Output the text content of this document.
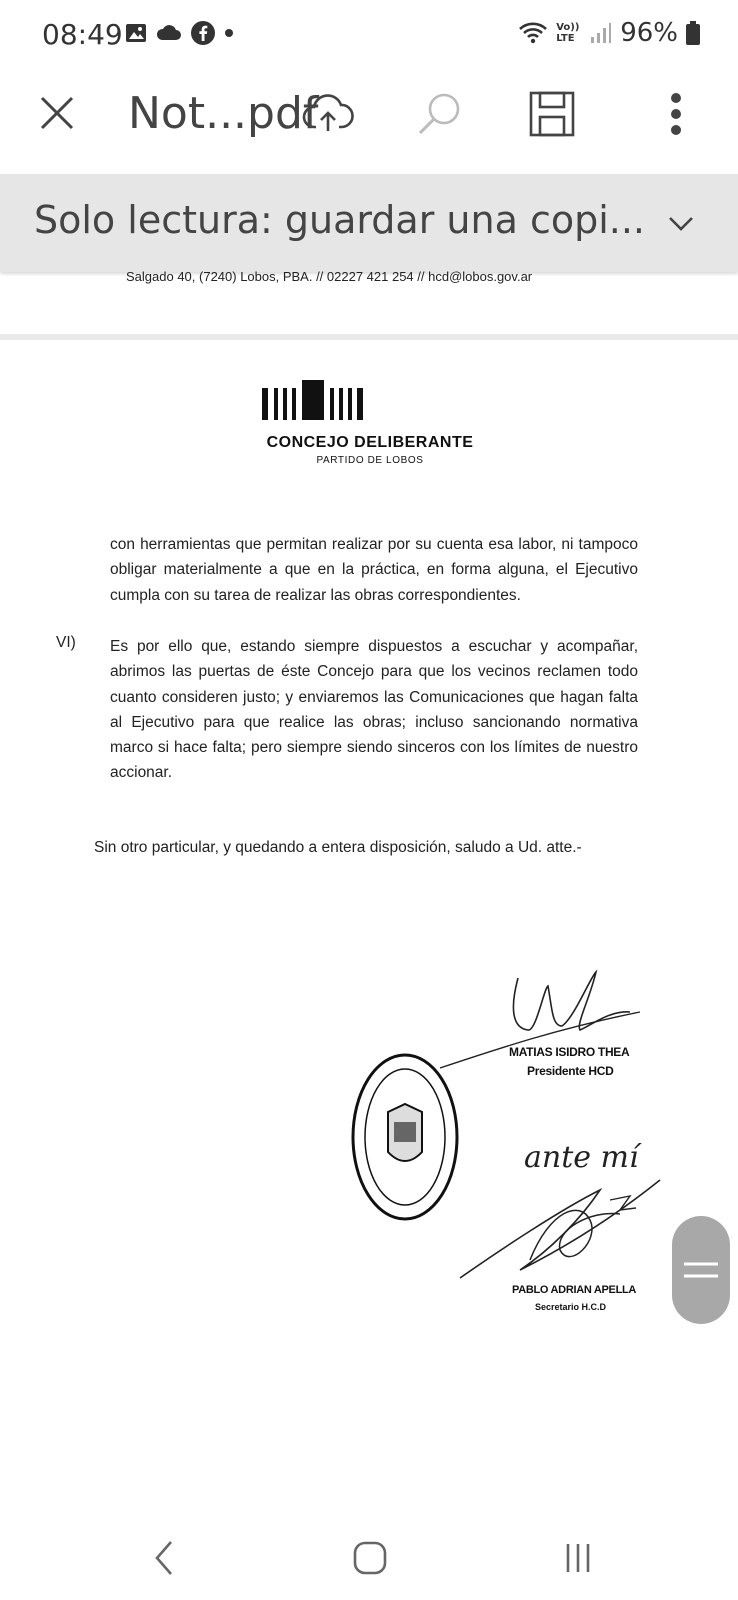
08:49	Vo)) LTE 96%
Not...pdf
Solo lectura: guardar una copi...
Salgado 40, (7240) Lobos, PBA. // 02227 421 254 // hcd@lobos.gov.ar
CONCEJO DELIBERANTE
PARTIDO DE LOBOS
con herramientas que permitan realizar por su cuenta esa labor, ni tampoco obligar materialmente a que en la práctica, en forma alguna, el Ejecutivo cumpla con su tarea de realizar las obras correspondientes.
VI) Es por ello que, estando siempre dispuestos a escuchar y acompañar, abrimos las puertas de éste Concejo para que los vecinos reclamen todo cuanto consideren justo; y enviaremos las Comunicaciones que hagan falta al Ejecutivo para que realice las obras; incluso sancionando normativa marco si hace falta; pero siempre siendo sinceros con los límites de nuestro accionar.
Sin otro particular, y quedando a entera disposición, saludo a Ud. atte.-
MATIAS ISIDRO THEA
Presidente HCD
ante mí
PABLO ADRIAN APELLA
Secretario H.C.D
